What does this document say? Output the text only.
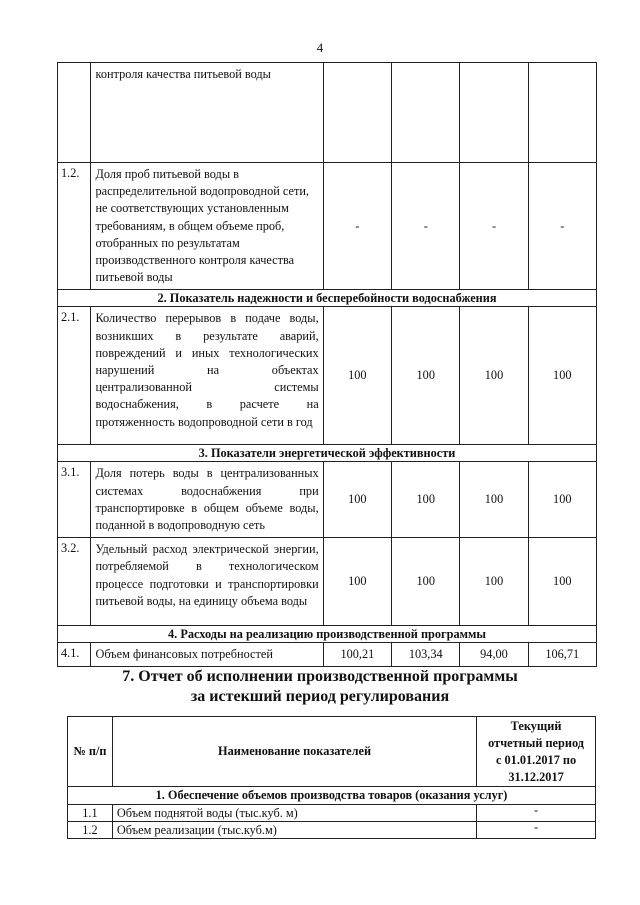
4
	контроля качества питьевой воды				
1.2.	Доля проб питьевой воды в распределительной водопроводной сети, не соответствующих установленным требованиям, в общем объеме проб, отобранных по результатам производственного контроля качества питьевой воды	-	-	-	-
2. Показатель надежности и бесперебойности водоснабжения					
2.1.	Количество перерывов в подаче воды, возникших в результате аварий, повреждений и иных технологических нарушений на объектах централизованной системы водоснабжения, в расчете на протяженность водопроводной сети в год	100	100	100	100
3. Показатели энергетической эффективности					
3.1.	Доля потерь воды в централизованных системах водоснабжения при транспортировке в общем объеме воды, поданной в водопроводную сеть	100	100	100	100
3.2.	Удельный расход электрической энергии, потребляемой в технологическом процессе подготовки и транспортировки питьевой воды, на единицу объема воды	100	100	100	100
4. Расходы на реализацию производственной программы					
4.1.	Объем финансовых потребностей	100,21	103,34	94,00	106,71
7. Отчет об исполнении производственной программы
за истекший период регулирования
№ п/п	Наименование показателей	Текущий
отчетный период
с 01.01.2017 по
31.12.2017

1. Обеспечение объемов производства товаров (оказания услуг)		
1.1	Объем поднятой воды (тыс.куб. м)	-
1.2	Объем реализации (тыс.куб.м)	-
